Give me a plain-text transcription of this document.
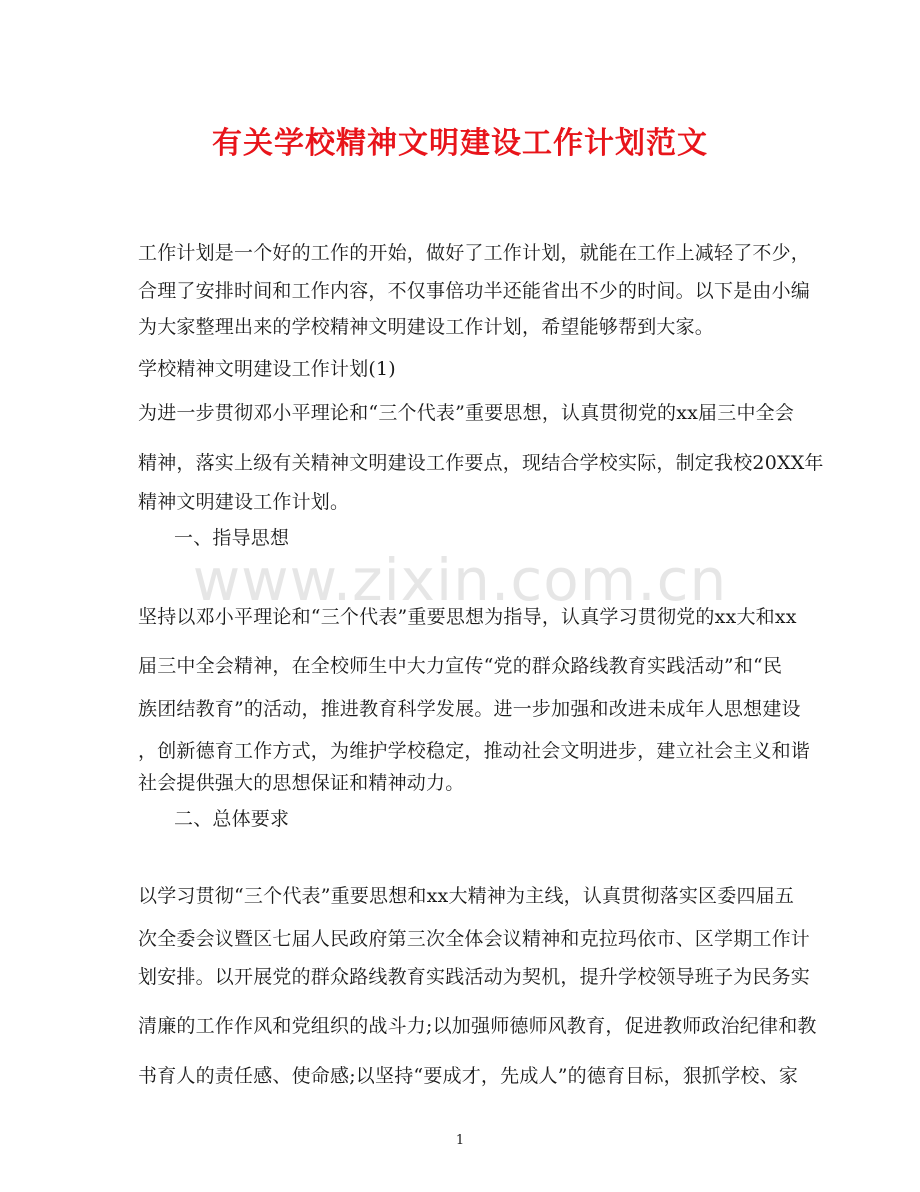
有关学校精神文明建设工作计划范文
工作计划是一个好的工作的开始，做好了工作计划，就能在工作上减轻了不少，
合理了安排时间和工作内容，不仅事倍功半还能省出不少的时间。以下是由小编
为大家整理出来的学校精神文明建设工作计划，希望能够帮到大家。
学校精神文明建设工作计划(1)
为进一步贯彻邓小平理论和“三个代表”重要思想，认真贯彻党的xx届三中全会
精神，落实上级有关精神文明建设工作要点，现结合学校实际，制定我校20XX年
精神文明建设工作计划。
一、指导思想
www.zixin.com.cn
坚持以邓小平理论和“三个代表”重要思想为指导，认真学习贯彻党的xx大和xx
届三中全会精神，在全校师生中大力宣传“党的群众路线教育实践活动”和“民
族团结教育”的活动，推进教育科学发展。进一步加强和改进未成年人思想建设
，创新德育工作方式，为维护学校稳定，推动社会文明进步，建立社会主义和谐
社会提供强大的思想保证和精神动力。
二、总体要求
以学习贯彻“三个代表”重要思想和xx大精神为主线，认真贯彻落实区委四届五
次全委会议暨区七届人民政府第三次全体会议精神和克拉玛依市、区学期工作计
划安排。以开展党的群众路线教育实践活动为契机，提升学校领导班子为民务实
清廉的工作作风和党组织的战斗力;以加强师德师风教育，促进教师政治纪律和教
书育人的责任感、使命感;以坚持“要成才，先成人”的德育目标，狠抓学校、家
1
